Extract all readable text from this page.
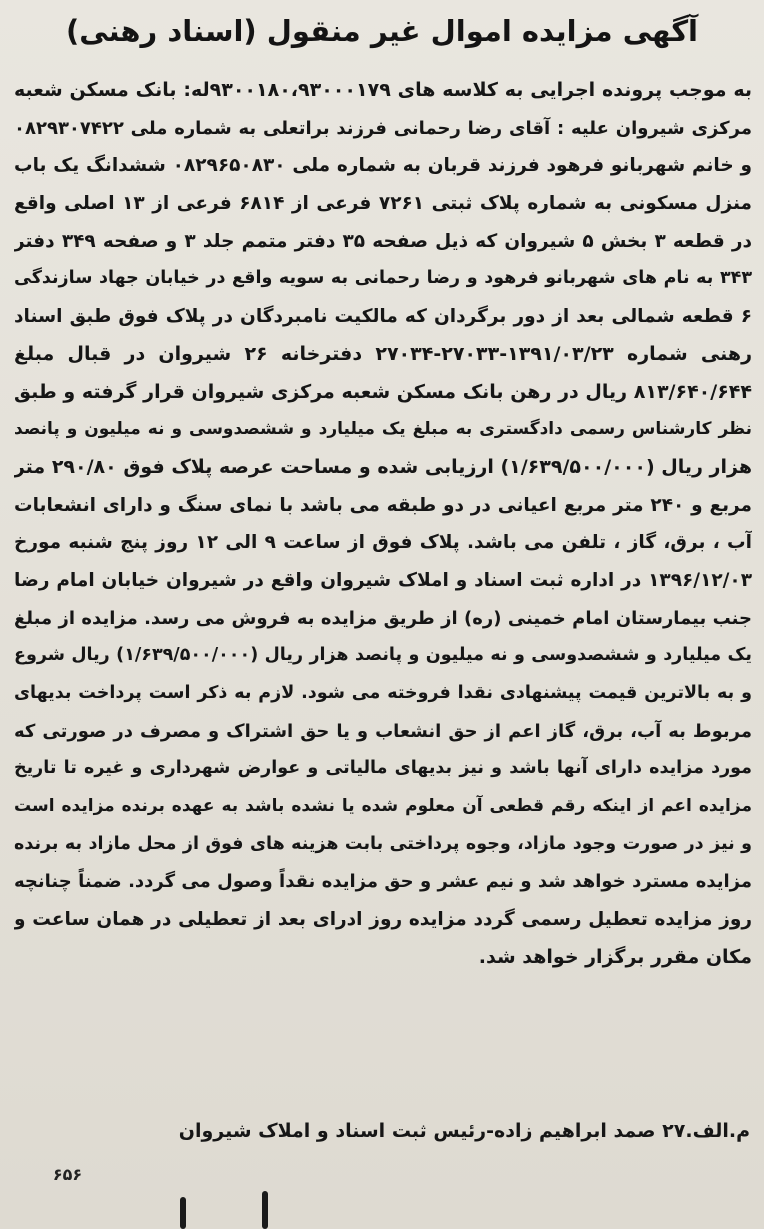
آگهی مزایده اموال غیر منقول (اسناد رهنی)
به موجب پرونده اجرایی به کلاسه های ۹۳۰۰۱۸۰،۹۳۰۰۰۱۷۹له: بانک مسکن شعبه
مرکزی شیروان علیه : آقای رضا رحمانی فرزند براتعلی به شماره ملی ۰۸۲۹۳۰۷۴۲۲
و خانم شهربانو فرهود فرزند قربان به شماره ملی ۰۸۲۹۶۵۰۸۳۰ ششدانگ یک باب
منزل مسکونی به شماره پلاک ثبتی ۷۲۶۱ فرعی از ۶۸۱۴ فرعی از ۱۳ اصلی واقع
در قطعه ۳ بخش ۵ شیروان که ذیل صفحه ۳۵ دفتر متمم جلد ۳ و صفحه ۳۴۹ دفتر
۳۴۳ به نام های شهربانو فرهود و رضا رحمانی به سویه واقع در خیابان جهاد سازندگی
۶ قطعه شمالی بعد از دور برگردان که مالکیت نامبردگان در پلاک فوق طبق اسناد
رهنی شماره ۱۳۹۱/۰۳/۲۳-۲۷۰۳۳-۲۷۰۳۴ دفترخانه ۲۶ شیروان در قبال مبلغ
۸۱۳/۶۴۰/۶۴۴ ریال در رهن بانک مسکن شعبه مرکزی شیروان قرار گرفته و طبق
نظر کارشناس رسمی دادگستری به مبلغ یک میلیارد و ششصدوسی و نه میلیون و پانصد
هزار ریال (۱/۶۳۹/۵۰۰/۰۰۰) ارزیابی شده و مساحت عرصه پلاک فوق ۲۹۰/۸۰ متر
مربع و ۲۴۰ متر مربع اعیانی در دو طبقه می باشد با نمای سنگ و دارای انشعابات
آب ، برق، گاز ، تلفن می باشد. پلاک فوق از ساعت ۹ الی ۱۲ روز پنج شنبه مورخ
۱۳۹۶/۱۲/۰۳ در اداره ثبت اسناد و املاک شیروان واقع در شیروان خیابان امام رضا
جنب بیمارستان امام خمینی (ره) از طریق مزایده به فروش می رسد. مزایده از مبلغ
یک میلیارد و ششصدوسی و نه میلیون و پانصد هزار ریال (۱/۶۳۹/۵۰۰/۰۰۰) ریال شروع
و به بالاترین قیمت پیشنهادی نقدا فروخته می شود. لازم به ذکر است پرداخت بدیهای
مربوط به آب، برق، گاز اعم از حق انشعاب و یا حق اشتراک و مصرف در صورتی که
مورد مزایده دارای آنها باشد و نیز بدیهای مالیاتی و عوارض شهرداری و غیره تا تاریخ
مزایده اعم از اینکه رقم قطعی آن معلوم شده یا نشده باشد به عهده برنده مزایده است
و نیز در صورت وجود مازاد، وجوه پرداختی بابت هزینه های فوق از محل مازاد به برنده
مزایده مسترد خواهد شد و نیم عشر و حق مزایده نقداً وصول می گردد. ضمناً چنانچه
روز مزایده تعطیل رسمی گردد مزایده روز ادرای بعد از تعطیلی در همان ساعت و
مکان مقرر برگزار خواهد شد.
م.الف.۲۷ صمد ابراهیم زاده-رئیس ثبت اسناد و املاک شیروان
۶۵۶
